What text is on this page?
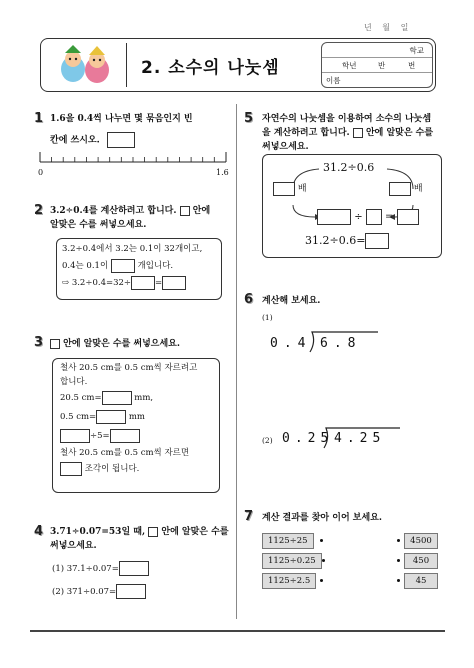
년 월 일
2. 소수의 나눗셈
학교
학년	반	번
이름
1 1.6을 0.4씩 나누면 몇 묶음인지 빈
칸에 쓰시오.
0	1.6
2 3.2÷0.4를 계산하려고 합니다. 안에
알맞은 수를 써넣으세요.
3.2÷0.4에서 3.2는 0.1이 32개이고,
0.4는 0.1이	개입니다.
⇨ 3.2÷0.4=32÷	=
3	안에 알맞은 수를 써넣으세요.
철사 20.5 cm를 0.5 cm씩 자르려고
합니다.
20.5 cm=	mm,
0.5 cm=	mm
÷5=
철사 20.5 cm를 0.5 cm씩 자르면
조각이 됩니다.
4 3.71÷0.07=53일 때, 안에 알맞은 수를
써넣으세요.
(1) 37.1÷0.07=
(2) 371÷0.07=
5 자연수의 나눗셈을 이용하여 소수의 나눗셈
을 계산하려고 합니다. 안에 알맞은 수를
써넣으세요.
31.2÷0.6
배	배
÷ =
31.2÷0.6=
6 계산해 보세요.
(1)
0.4 6.8
(2) 0.25 4.25
7 계산 결과를 찾아 이어 보세요.
1125÷25
1125÷0.25
1125÷2.5
4500
450
45
